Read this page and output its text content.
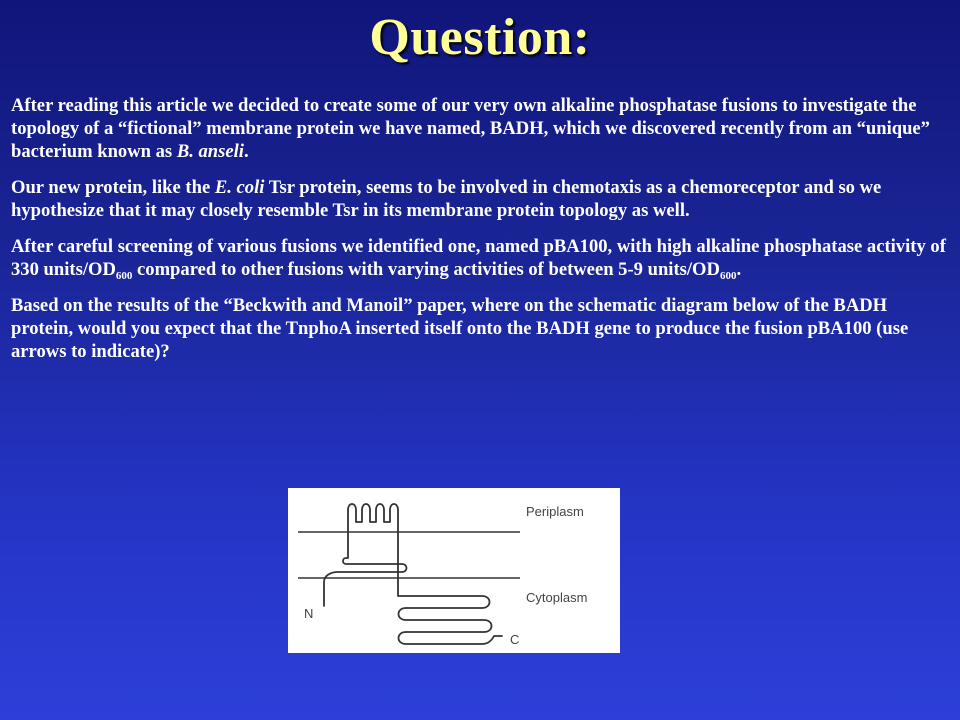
Question:

After reading this article we decided to create some of our very own alkaline phosphatase fusions to investigate the topology of a “fictional” membrane protein we have named, BADH, which we discovered recently from an “unique” bacterium known as B. anseli.

Our new protein, like the E. coli Tsr protein, seems to be involved in chemotaxis as a chemoreceptor and so we hypothesize that it may closely resemble Tsr in its membrane protein topology as well.

After careful screening of various fusions we identified one, named pBA100, with high alkaline phosphatase activity of 330 units/$OD_{600}$ compared to other fusions with varying activities of between 5-9 units/$OD_{600}$.

Based on the results of the “Beckwith and Manoil” paper, where on the schematic diagram below of the BADH protein, would you expect that the TnphoA inserted itself onto the BADH gene to produce the fusion pBA100 (use arrows to indicate)?

Periplasm
Cytoplasm
N
C
